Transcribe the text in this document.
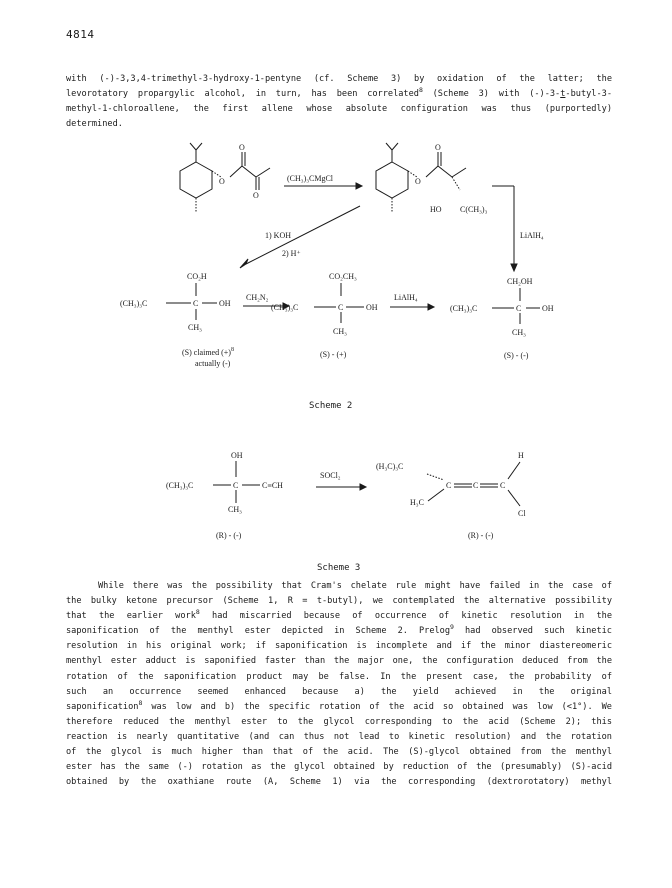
4814
with (-)-3,3,4-trimethyl-3-hydroxy-1-pentyne (cf. Scheme 3) by oxidation of the latter; the
levorotatory propargylic alcohol, in turn, has been correlated$^8$ (Scheme 3) with (-)-3-t-butyl-3-
methyl-1-chloroallene, the first allene whose absolute configuration was thus (purportedly)
determined.
O
O
O
(CH₃)₃CMgCl	O
O
HO C(CH₃)₃
LiAlH₄
1) KOH
2) H⁺
CO₂H
(CH₃)₃C	C	OH
CH₃
(S) claimed $(+)^8$
actually (-)
CH₂N₂
CO₂CH₃
(CH₃)₃C	C	OH
CH₃
(S) - (+)
LiAlH₄
CH₂OH
(CH₃)₃C	C	OH
CH₃
(S) - (-)
Scheme 2
OH
(CH₃)₃C	C	C≡CH
CH₃
(R) - (-)
SOCl₂
(H₃C)₃C
H₃C
C	C	C
H
Cl
(R) - (-)
Scheme 3
While there was the possibility that Cram's chelate rule might have failed in the case of
the bulky ketone precursor (Scheme 1, R = t-butyl), we contemplated the alternative possibility
that the earlier work$^8$ had miscarried because of occurrence of kinetic resolution in the
saponification of the menthyl ester depicted in Scheme 2. Prelog$^9$ had observed such kinetic
resolution in his original work; if saponification is incomplete and if the minor diastereomeric
menthyl ester adduct is saponified faster than the major one, the configuration deduced from the
rotation of the saponification product may be false. In the present case, the probability of
such an occurrence seemed enhanced because a) the yield achieved in the original
saponification$^8$ was low and b) the specific rotation of the acid so obtained was low (<1°). We
therefore reduced the menthyl ester to the glycol corresponding to the acid (Scheme 2); this
reaction is nearly quantitative (and can thus not lead to kinetic resolution) and the rotation
of the glycol is much higher than that of the acid. The (S)-glycol obtained from the menthyl
ester has the same (-) rotation as the glycol obtained by reduction of the (presumably) (S)-acid
obtained by the oxathiane route (A, Scheme 1) via the corresponding (dextrorotatory) methyl
